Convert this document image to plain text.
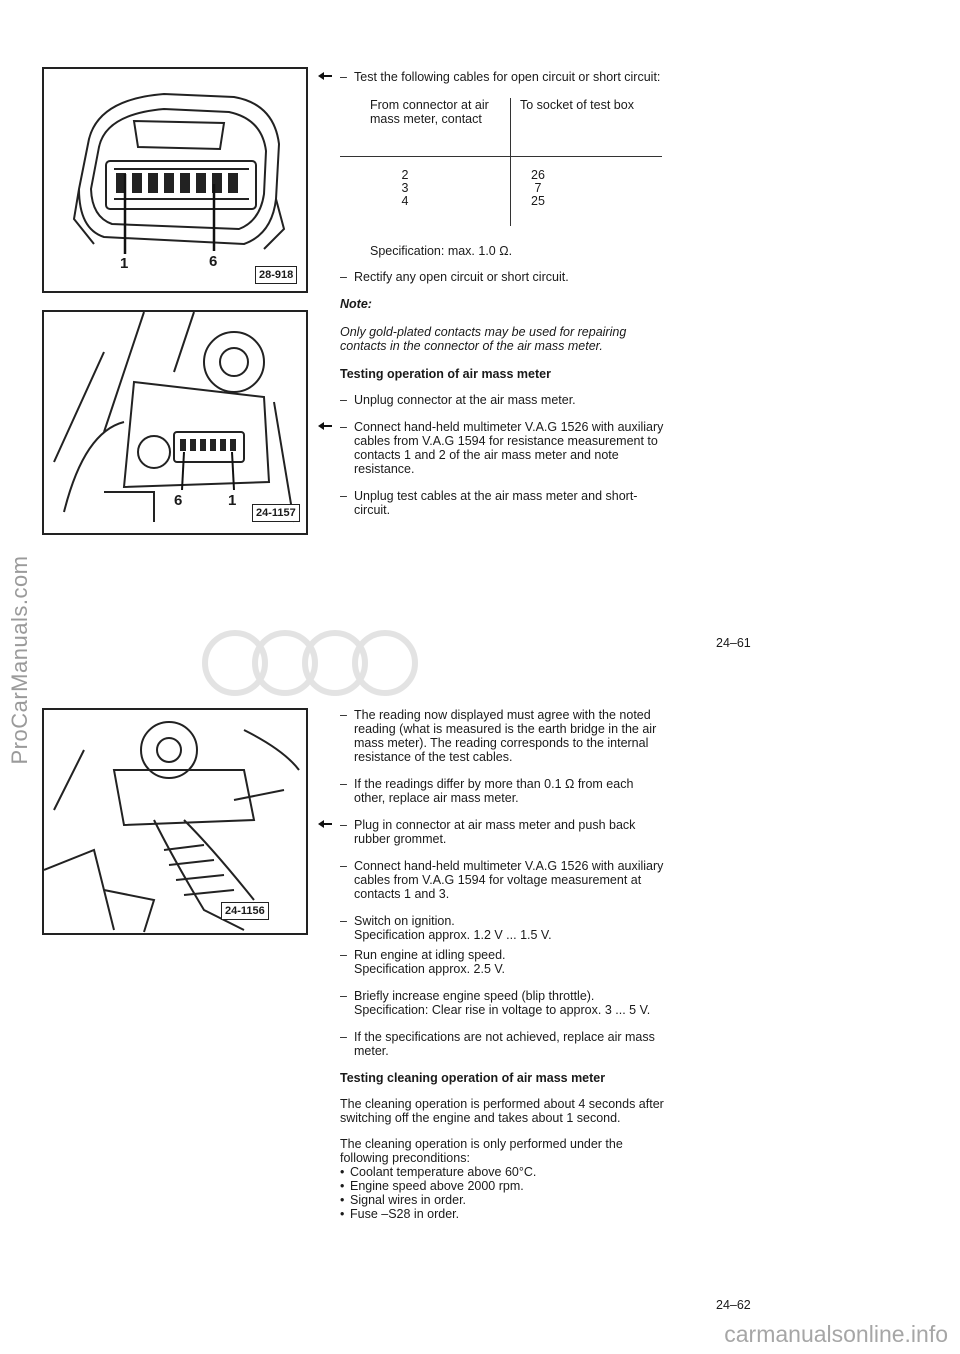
ProCarManuals.com
1	6
28-918
6	1
24-1157
24-1156
– Test the following cables for open circuit or short circuit:
From connector at air mass meter, contact
To socket of test box
2
3
4
26
7
25

Specification: max. 1.0 Ω.

– Rectify any open circuit or short circuit.
Note:
Only gold-plated contacts may be used for repairing contacts in the connector of the air mass meter.
Testing operation of air mass meter
– Unplug connector at the air mass meter.
– Connect hand-held multimeter V.A.G 1526 with auxiliary cables from V.A.G 1594 for resistance measurement to contacts 1 and 2 of the air mass meter and note resistance.
– Unplug test cables at the air mass meter and short-circuit.
24–61
– The reading now displayed must agree with the noted reading (what is measured is the earth bridge in the air mass meter). The reading corresponds to the internal resistance of the test cables.
– If the readings differ by more than 0.1 Ω from each other, replace air mass meter.
– Plug in connector at air mass meter and push back rubber grommet.
– Connect hand-held multimeter V.A.G 1526 with auxiliary cables from V.A.G 1594 for voltage measurement at contacts 1 and 3.
– Switch on ignition.
Specification approx. 1.2 V ... 1.5 V.
– Run engine at idling speed.
Specification approx. 2.5 V.
– Briefly increase engine speed (blip throttle).
Specification: Clear rise in voltage to approx. 3 ... 5 V.
– If the specifications are not achieved, replace air mass meter.
Testing cleaning operation of air mass meter

The cleaning operation is performed about 4 seconds after switching off the engine and takes about 1 second.

The cleaning operation is only performed under the following preconditions:

• Coolant temperature above 60°C.
• Engine speed above 2000 rpm.
• Signal wires in order.
• Fuse –S28 in order.
24–62
carmanualsonline.info
